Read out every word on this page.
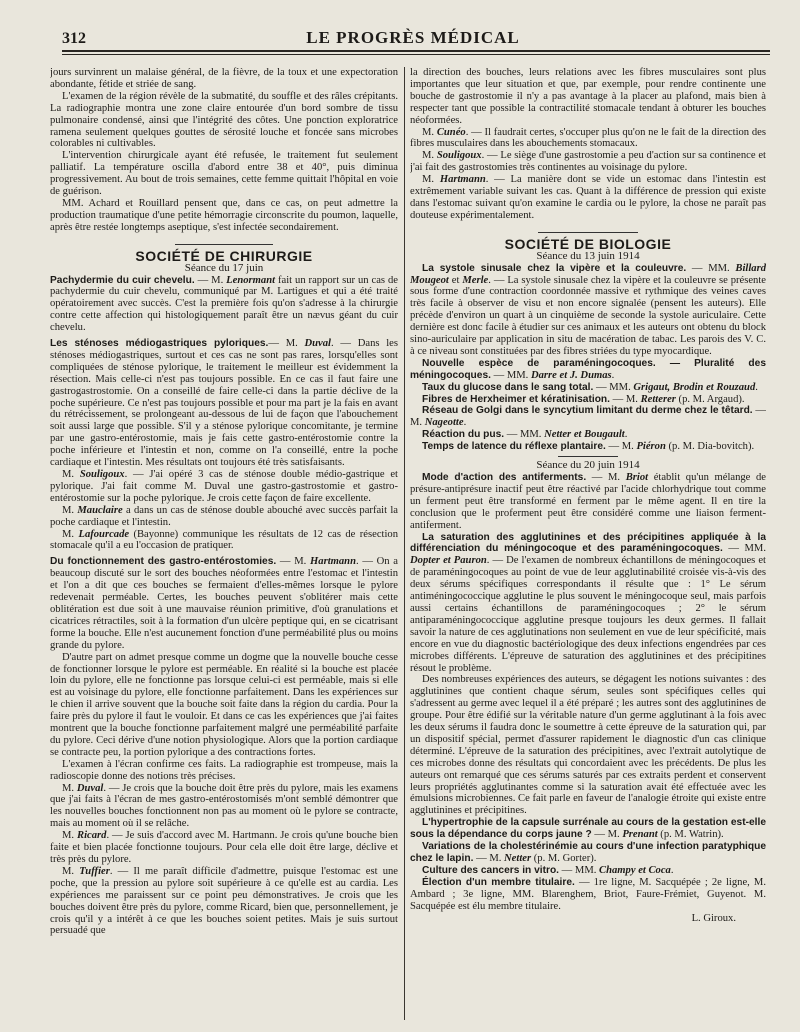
312	LE PROGRÈS MÉDICAL

jours survinrent un malaise général, de la fièvre, de la toux et une expectoration abondante, fétide et striée de sang.

L'examen de la région révèle de la submatité, du souffle et des râles crépitants. La radiographie montra une zone claire entourée d'un bord sombre de tissu pulmonaire condensé, ainsi que l'intégrité des côtes. Une ponction exploratrice ramena seulement quelques gouttes de sérosité louche et foncée sans microbes colorables ni cultivables.

L'intervention chirurgicale ayant été refusée, le traitement fut seulement palliatif. La température oscilla d'abord entre 38 et 40°, puis diminua progressivement. Au bout de trois semaines, cette femme quittait l'hôpital en voie de guérison.

MM. Achard et Rouillard pensent que, dans ce cas, on peut admettre la production traumatique d'une petite hémorragie circonscrite du poumon, laquelle, après être restée longtemps aseptique, s'est infectée secondairement.

SOCIÉTÉ DE CHIRURGIE

Séance du 17 juin

Pachydermie du cuir chevelu. — M. Lenormant fait un rapport sur un cas de pachydermie du cuir chevelu, communiqué par M. Lartigues et qui a été traité opératoirement avec succès. C'est la première fois qu'on s'adresse à la chirurgie contre cette affection qui histologiquement paraît être un nævus géant du cuir chevelu.

Les sténoses médiogastriques pyloriques.— M. Duval. — Dans les sténoses médiogastriques, surtout et ces cas ne sont pas rares, lorsqu'elles sont compliquées de sténose pylorique, le traitement le meilleur est évidemment la résection. Mais celle-ci n'est pas toujours possible. En ce cas il faut faire une gastrogastrostomie. On a conseillé de faire celle-ci dans la partie déclive de la poche supérieure. Ce n'est pas toujours possible et pour ma part je la fais en avant du rétrécissement, se prolongeant au-dessous de lui de façon que l'abouchement soit aussi large que possible. S'il y a sténose pylorique concomitante, je termine par une gastro-entérostomie, mais je fais cette gastro-entérostomie contre la poche inférieure et l'intestin et non, comme on l'a conseillé, entre la poche cardiaque et l'intestin. Mes résultats ont toujours été très satisfaisants.

M. Souligoux. — J'ai opéré 3 cas de sténose double médio-gastrique et pylorique. J'ai fait comme M. Duval une gastro-gastrostomie et gastro-entérostomie sur la poche pylorique. Je crois cette façon de faire excellente.

M. Mauclaire a dans un cas de sténose double abouché avec succès parfait la poche cardiaque et l'intestin.

M. Lafourcade (Bayonne) communique les résultats de 12 cas de résection stomacale qu'il a eu l'occasion de pratiquer.

Du fonctionnement des gastro-entérostomies. — M. Hartmann. — On a beaucoup discuté sur le sort des bouches néoformées entre l'estomac et l'intestin et l'on a dit que ces bouches se fermaient d'elles-mêmes lorsque le pylore redevenait perméable. Certes, les bouches peuvent s'oblitérer mais cette oblitération est due soit à une mauvaise réunion primitive, d'où granulations et cicatrices rétractiles, soit à la formation d'un ulcère peptique qui, en se cicatrisant forme la bouche. Elle n'est aucunement fonction d'une perméabilité plus ou moins grande du pylore.

D'autre part on admet presque comme un dogme que la nouvelle bouche cesse de fonctionner lorsque le pylore est perméable. En réalité si la bouche est placée loin du pylore, elle ne fonctionne pas lorsque celui-ci est perméable, mais si elle est au voisinage du pylore, elle fonctionne parfaitement. Dans les expériences sur le chien il arrive souvent que la bouche soit faite dans la région du cardia. Pour la faire près du pylore il faut le vouloir. Et dans ce cas les expériences que j'ai faites montrent que la bouche fonctionne parfaitement malgré une perméabilité parfaite du pylore. Ceci dérive d'une notion physiologique. Alors que la portion cardiaque se contracte peu, la portion pylorique a des contractions fortes.

L'examen à l'écran confirme ces faits. La radiographie est trompeuse, mais la radioscopie donne des notions très précises.

M. Duval. — Je crois que la bouche doit être près du pylore, mais les examens que j'ai faits à l'écran de mes gastro-entérostomisés m'ont semblé démontrer que les nouvelles bouches fonctionnent non pas au moment où le pylore se contracte, mais au moment où il se relâche.

M. Ricard. — Je suis d'accord avec M. Hartmann. Je crois qu'une bouche bien faite et bien placée fonctionne toujours. Pour cela elle doit être large, déclive et très près du pylore.

M. Tuffier. — Il me paraît difficile d'admettre, puisque l'estomac est une poche, que la pression au pylore soit supérieure à ce qu'elle est au cardia. Les expériences me paraissent sur ce point peu démonstratives. Je crois que les bouches doivent être près du pylore, comme Ricard, bien que, personnellement, je crois qu'il y a intérêt à ce que les bouches soient petites. Mais je suis surtout persuadé que

la direction des bouches, leurs relations avec les fibres musculaires sont plus importantes que leur situation et que, par exemple, pour rendre continente une bouche de gastrostomie il n'y a pas avantage à la placer au plafond, mais bien à respecter tant que possible la contractilité stomacale tendant à obturer les bouches néoformées.

M. Cunéo. — Il faudrait certes, s'occuper plus qu'on ne le fait de la direction des fibres musculaires dans les abouchements stomacaux.

M. Souligoux. — Le siège d'une gastrostomie a peu d'action sur sa continence et j'ai fait des gastrostomies très continentes au voisinage du pylore.

M. Hartmann. — La manière dont se vide un estomac dans l'intestin est extrêmement variable suivant les cas. Quant à la différence de pression qui existe dans l'estomac suivant qu'on examine le cardia ou le pylore, la chose ne paraît pas douteuse expérimentalement.

SOCIÉTÉ DE BIOLOGIE

Séance du 13 juin 1914

La systole sinusale chez la vipère et la couleuvre. — MM. Billard Mougeot et Merle. — La systole sinusale chez la vipère et la couleuvre se présente sous forme d'une contraction coordonnée massive et rythmique des veines caves très facile à observer de visu et non encore signalée (pensent les auteurs). Elle précède d'environ un quart à un cinquième de seconde la systole auriculaire. Cette dernière est donc facile à étudier sur ces animaux et les auteurs ont obtenu du block sino-auriculaire par application in situ de macération de tabac. Les parois des V. C. à ce niveau sont constituées par des fibres striées du type myocardique.

Nouvelle espèce de paraméningocoques. — Pluralité des méningocoques. — MM. Darre et J. Dumas.

Taux du glucose dans le sang total. — MM. Grigaut, Brodin et Rouzaud.

Fibres de Herxheimer et kératinisation. — M. Retterer (p. M. Argaud).

Réseau de Golgi dans le syncytium limitant du derme chez le têtard. — M. Nageotte.

Réaction du pus. — MM. Netter et Bougault.

Temps de latence du réflexe plantaire. — M. Piéron (p. M. Dia-bovitch).

Séance du 20 juin 1914

Mode d'action des antiferments. — M. Briot établit qu'un mélange de présure-antiprésure inactif peut être réactivé par l'acide chlorhydrique tout comme un ferment peut être transformé en ferment par le même agent. Il en tire la conclusion que le proferment peut être considéré comme une liaison ferment-antiferment.

La saturation des agglutinines et des précipitines appliquée à la différenciation du méningocoque et des paraméningocoques. — MM. Dopter et Pauron. — De l'examen de nombreux échantillons de méningocoques et de paraméningocoques au point de vue de leur agglutinabilité croisée vis-à-vis des deux sérums spécifiques correspondants il résulte que : 1° Le sérum antiméningococcique agglutine le plus souvent le méningocoque seul, mais parfois aussi certains échantillons de paraméningocoques ; 2° le sérum antiparaméningococcique agglutine presque toujours les deux germes. Il fallait savoir la nature de ces agglutinations non seulement en vue de leur spécificité, mais encore en vue du diagnostic bactériologique des deux infections engendrées par ces microbes différents. L'épreuve de saturation des agglutinines et des précipitines résout le problème.

Des nombreuses expériences des auteurs, se dégagent les notions suivantes : des agglutinines que contient chaque sérum, seules sont spécifiques celles qui s'adressent au germe avec lequel il a été préparé ; les autres sont des agglutinines de groupe. Pour être édifié sur la véritable nature d'un germe agglutinant à la fois avec les deux sérums il faudra donc le soumettre à cette épreuve de la saturation qui, par un dispositif spécial, permet d'assurer rapidement le diagnostic d'un cas clinique déterminé. L'épreuve de la saturation des précipitines, avec l'extrait autolytique de ces microbes donne des résultats qui concordaient avec les précédents. De plus les auteurs ont remarqué que ces sérums saturés par ces extraits perdent et conservent leurs propriétés agglutinantes comme si la saturation avait été effectuée avec les émulsions microbiennes. Ce fait parle en faveur de l'analogie étroite qui existe entre agglutinines et précipitines.

L'hypertrophie de la capsule surrénale au cours de la gestation est-elle sous la dépendance du corps jaune ? — M. Prenant (p. M. Watrin).

Variations de la cholestérinémie au cours d'une infection paratyphique chez le lapin. — M. Netter (p. M. Gorter).

Culture des cancers in vitro. — MM. Champy et Coca.

Élection d'un membre titulaire. — 1re ligne, M. Sacquépée ; 2e ligne, M. Ambard ; 3e ligne, MM. Blarenghem, Briot, Faure-Frémiet, Guyenot. M. Sacquépée est élu membre titulaire.

L. Giroux.
